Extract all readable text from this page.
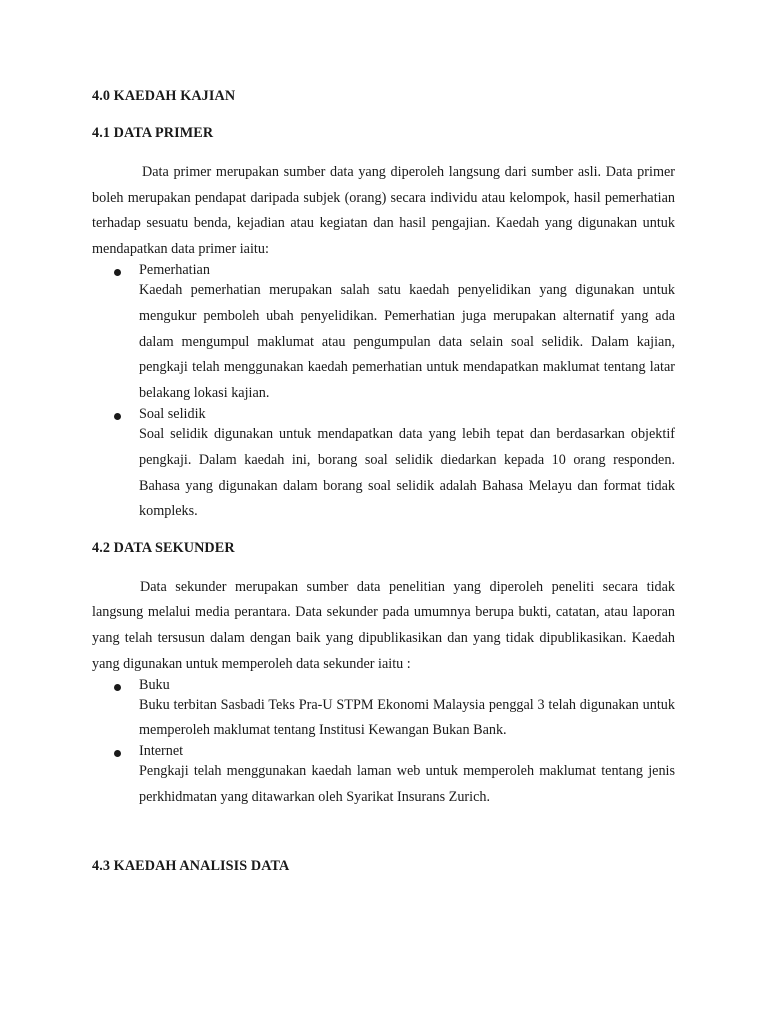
4.0 KAEDAH KAJIAN
4.1 DATA PRIMER

Data primer merupakan sumber data yang diperoleh langsung dari sumber asli. Data primer boleh merupakan pendapat daripada subjek (orang) secara individu atau kelompok, hasil pemerhatian terhadap sesuatu benda, kejadian atau kegiatan dan hasil pengajian. Kaedah yang digunakan untuk mendapatkan data primer iaitu:

Pemerhatian
Kaedah pemerhatian merupakan salah satu kaedah penyelidikan yang digunakan untuk mengukur pemboleh ubah penyelidikan. Pemerhatian juga merupakan alternatif yang ada dalam mengumpul maklumat atau pengumpulan data selain soal selidik. Dalam kajian, pengkaji telah menggunakan kaedah pemerhatian untuk mendapatkan maklumat tentang latar belakang lokasi kajian.
Soal selidik
Soal selidik digunakan untuk mendapatkan data yang lebih tepat dan berdasarkan objektif pengkaji. Dalam kaedah ini, borang soal selidik diedarkan kepada 10 orang responden. Bahasa yang digunakan dalam borang soal selidik adalah Bahasa Melayu dan format tidak kompleks.
4.2 DATA SEKUNDER

Data sekunder merupakan sumber data penelitian yang diperoleh peneliti secara tidak langsung melalui media perantara. Data sekunder pada umumnya berupa bukti, catatan, atau laporan yang telah tersusun dalam dengan baik yang dipublikasikan dan yang tidak dipublikasikan. Kaedah yang digunakan untuk memperoleh data sekunder iaitu :

Buku
Buku terbitan Sasbadi Teks Pra-U STPM Ekonomi Malaysia penggal 3 telah digunakan untuk memperoleh maklumat tentang Institusi Kewangan Bukan Bank.
Internet
Pengkaji telah menggunakan kaedah laman web untuk memperoleh maklumat tentang jenis perkhidmatan yang ditawarkan oleh Syarikat Insurans Zurich.
4.3 KAEDAH ANALISIS DATA
